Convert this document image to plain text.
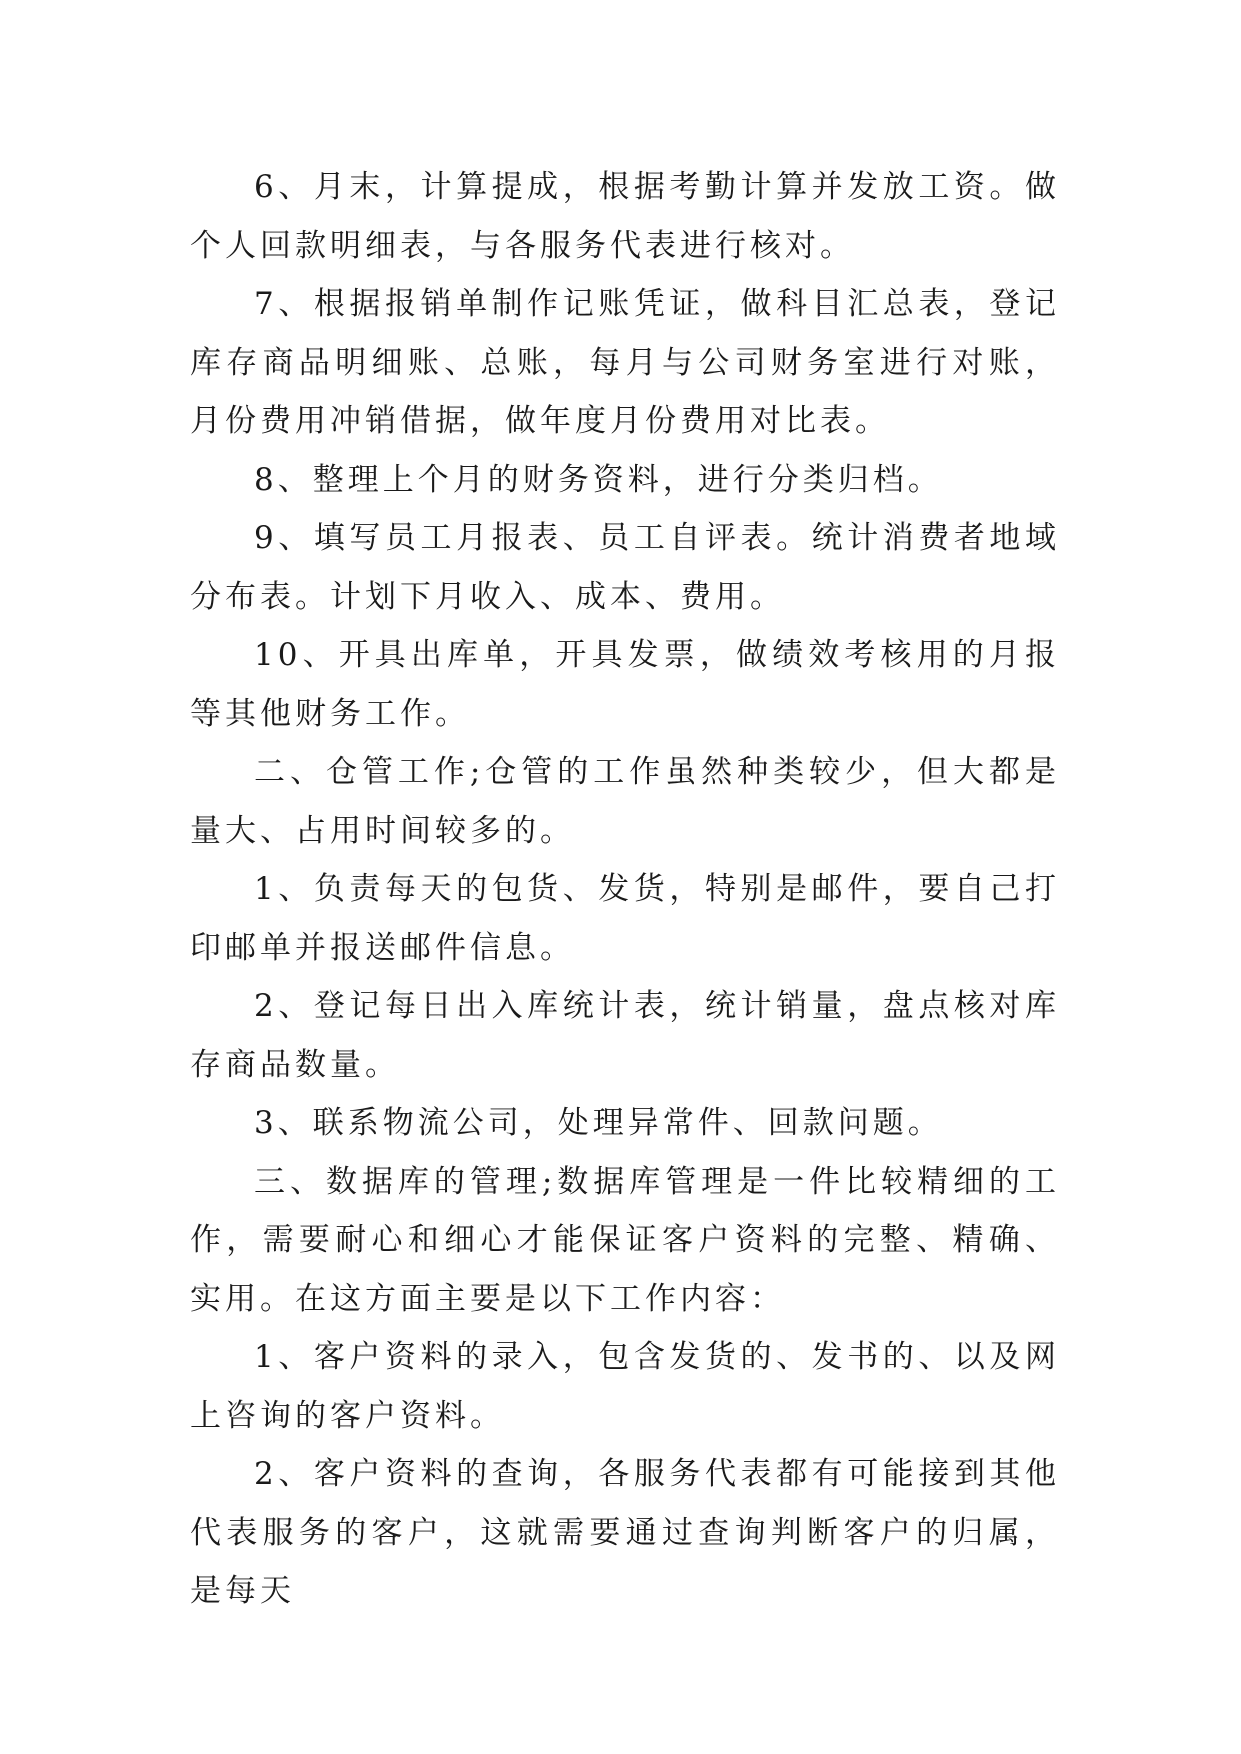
6、月末，计算提成，根据考勤计算并发放工资。做个人回款明细表，与各服务代表进行核对。

7、根据报销单制作记账凭证，做科目汇总表，登记库存商品明细账、总账，每月与公司财务室进行对账，月份费用冲销借据，做年度月份费用对比表。

8、整理上个月的财务资料，进行分类归档。

9、填写员工月报表、员工自评表。统计消费者地域分布表。计划下月收入、成本、费用。

10、开具出库单，开具发票，做绩效考核用的月报等其他财务工作。

二、仓管工作;仓管的工作虽然种类较少，但大都是量大、占用时间较多的。

1、负责每天的包货、发货，特别是邮件，要自己打印邮单并报送邮件信息。

2、登记每日出入库统计表，统计销量，盘点核对库存商品数量。

3、联系物流公司，处理异常件、回款问题。

三、数据库的管理;数据库管理是一件比较精细的工作，需要耐心和细心才能保证客户资料的完整、精确、实用。在这方面主要是以下工作内容：

1、客户资料的录入，包含发货的、发书的、以及网上咨询的客户资料。

2、客户资料的查询，各服务代表都有可能接到其他代表服务的客户，这就需要通过查询判断客户的归属，是每天
